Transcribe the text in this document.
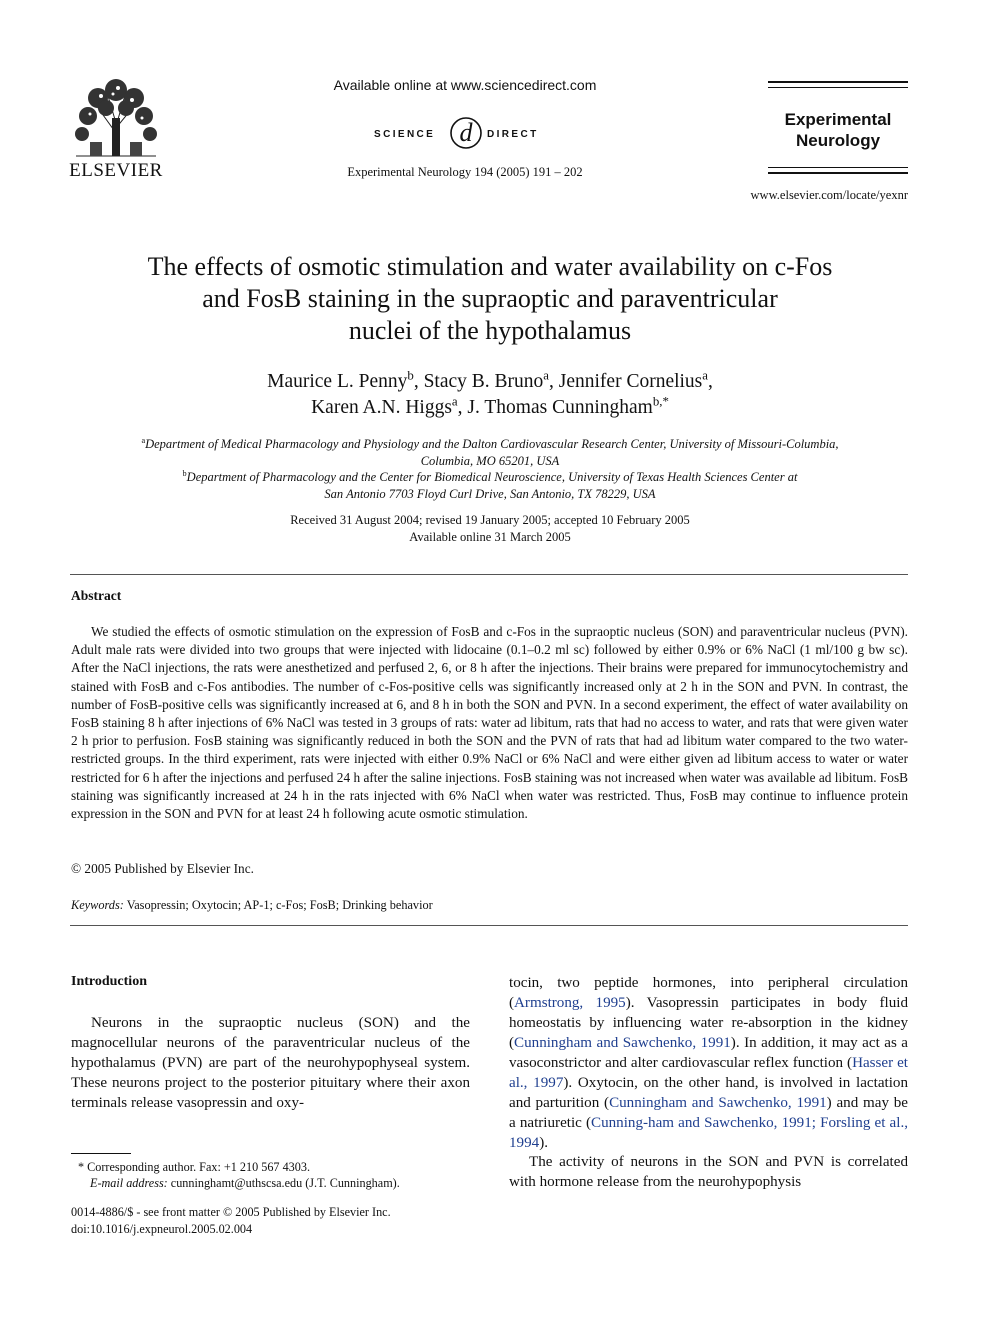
ELSEVIER
Available online at www.sciencedirect.com
SCIENCE d DIRECT
Experimental Neurology 194 (2005) 191 – 202
Experimental
Neurology
www.elsevier.com/locate/yexnr
The effects of osmotic stimulation and water availability on c-Fos
and FosB staining in the supraoptic and paraventricular
nuclei of the hypothalamus
Maurice L. Penny$^b$, Stacy B. Bruno$^a$, Jennifer Cornelius$^a$,
Karen A.N. Higgs$^a$, J. Thomas Cunningham$^{b,*}$
$^a$Department of Medical Pharmacology and Physiology and the Dalton Cardiovascular Research Center, University of Missouri-Columbia,
Columbia, MO 65201, USA
$^b$Department of Pharmacology and the Center for Biomedical Neuroscience, University of Texas Health Sciences Center at
San Antonio 7703 Floyd Curl Drive, San Antonio, TX 78229, USA
Received 31 August 2004; revised 19 January 2005; accepted 10 February 2005
Available online 31 March 2005
Abstract
We studied the effects of osmotic stimulation on the expression of FosB and c-Fos in the supraoptic nucleus (SON) and paraventricular nucleus (PVN). Adult male rats were divided into two groups that were injected with lidocaine (0.1–0.2 ml sc) followed by either 0.9% or 6% NaCl (1 ml/100 g bw sc). After the NaCl injections, the rats were anesthetized and perfused 2, 6, or 8 h after the injections. Their brains were prepared for immunocytochemistry and stained with FosB and c-Fos antibodies. The number of c-Fos-positive cells was significantly increased only at 2 h in the SON and PVN. In contrast, the number of FosB-positive cells was significantly increased at 6, and 8 h in both the SON and PVN. In a second experiment, the effect of water availability on FosB staining 8 h after injections of 6% NaCl was tested in 3 groups of rats: water ad libitum, rats that had no access to water, and rats that were given water 2 h prior to perfusion. FosB staining was significantly reduced in both the SON and the PVN of rats that had ad libitum water compared to the two water-restricted groups. In the third experiment, rats were injected with either 0.9% NaCl or 6% NaCl and were either given ad libitum access to water or water restricted for 6 h after the injections and perfused 24 h after the saline injections. FosB staining was not increased when water was available ad libitum. FosB staining was significantly increased at 24 h in the rats injected with 6% NaCl when water was restricted. Thus, FosB may continue to influence protein expression in the SON and PVN for at least 24 h following acute osmotic stimulation.
© 2005 Published by Elsevier Inc.
Keywords: Vasopressin; Oxytocin; AP-1; c-Fos; FosB; Drinking behavior
Introduction
Neurons in the supraoptic nucleus (SON) and the magnocellular neurons of the paraventricular nucleus of the hypothalamus (PVN) are part of the neurohypophyseal system. These neurons project to the posterior pituitary where their axon terminals release vasopressin and oxy-
tocin, two peptide hormones, into peripheral circulation (Armstrong, 1995). Vasopressin participates in body fluid homeostatis by influencing water re-absorption in the kidney (Cunningham and Sawchenko, 1991). In addition, it may act as a vasoconstrictor and alter cardiovascular reflex function (Hasser et al., 1997). Oxytocin, on the other hand, is involved in lactation and parturition (Cunningham and Sawchenko, 1991) and may be a natriuretic (Cunning-ham and Sawchenko, 1991; Forsling et al., 1994).
The activity of neurons in the SON and PVN is correlated with hormone release from the neurohypophysis
* Corresponding author. Fax: +1 210 567 4303.
E-mail address: cunninghamt@uthscsa.edu (J.T. Cunningham).
0014-4886/$ - see front matter © 2005 Published by Elsevier Inc.
doi:10.1016/j.expneurol.2005.02.004
